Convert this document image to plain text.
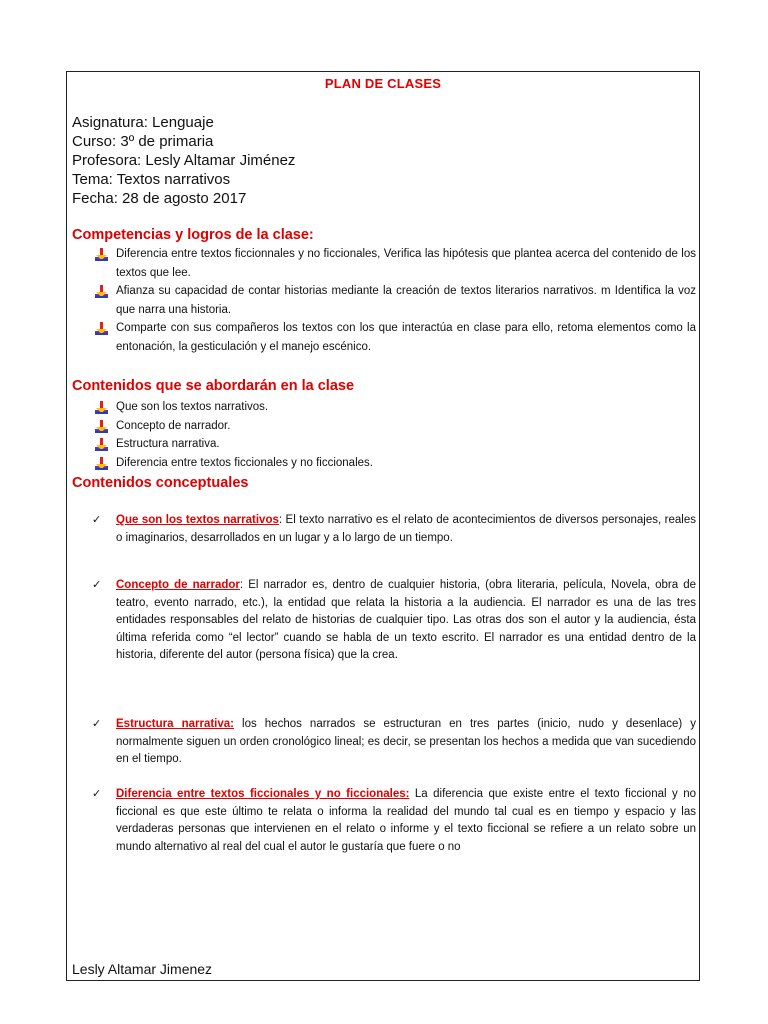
PLAN DE CLASES
Asignatura: Lenguaje
Curso: 3º de primaria
Profesora: Lesly Altamar Jiménez
Tema: Textos narrativos
Fecha: 28 de agosto 2017
Competencias y logros de la clase:
Diferencia entre textos ficcionnales y no ficcionales, Verifica las hipótesis que plantea acerca del contenido de los textos que lee.
Afianza su capacidad de contar historias mediante la creación de textos literarios narrativos. m Identifica la voz que narra una historia.
Comparte con sus compañeros los textos con los que interactúa en clase para ello, retoma elementos como la entonación, la gesticulación y el manejo escénico.
Contenidos que se abordarán en la clase
Que son los textos narrativos.
Concepto de narrador.
Estructura narrativa.
Diferencia entre textos ficcionales y no ficcionales.
Contenidos conceptuales
✓ Que son los textos narrativos: El texto narrativo es el relato de acontecimientos de diversos personajes, reales o imaginarios, desarrollados en un lugar y a lo largo de un tiempo.
✓ Concepto de narrador: El narrador es, dentro de cualquier historia, (obra literaria, película, Novela, obra de teatro, evento narrado, etc.), la entidad que relata la historia a la audiencia. El narrador es una de las tres entidades responsables del relato de historias de cualquier tipo. Las otras dos son el autor y la audiencia, ésta última referida como “el lector” cuando se habla de un texto escrito. El narrador es una entidad dentro de la historia, diferente del autor (persona física) que la crea.
✓ Estructura narrativa: los hechos narrados se estructuran en tres partes (inicio, nudo y desenlace) y normalmente siguen un orden cronológico lineal; es decir, se presentan los hechos a medida que van sucediendo en el tiempo.
✓ Diferencia entre textos ficcionales y no ficcionales: La diferencia que existe entre el texto ficcional y no ficcional es que este último te relata o informa la realidad del mundo tal cual es en tiempo y espacio y las verdaderas personas que intervienen en el relato o informe y el texto ficcional se refiere a un relato sobre un mundo alternativo al real del cual el autor le gustaría que fuere o no
Lesly Altamar Jimenez
